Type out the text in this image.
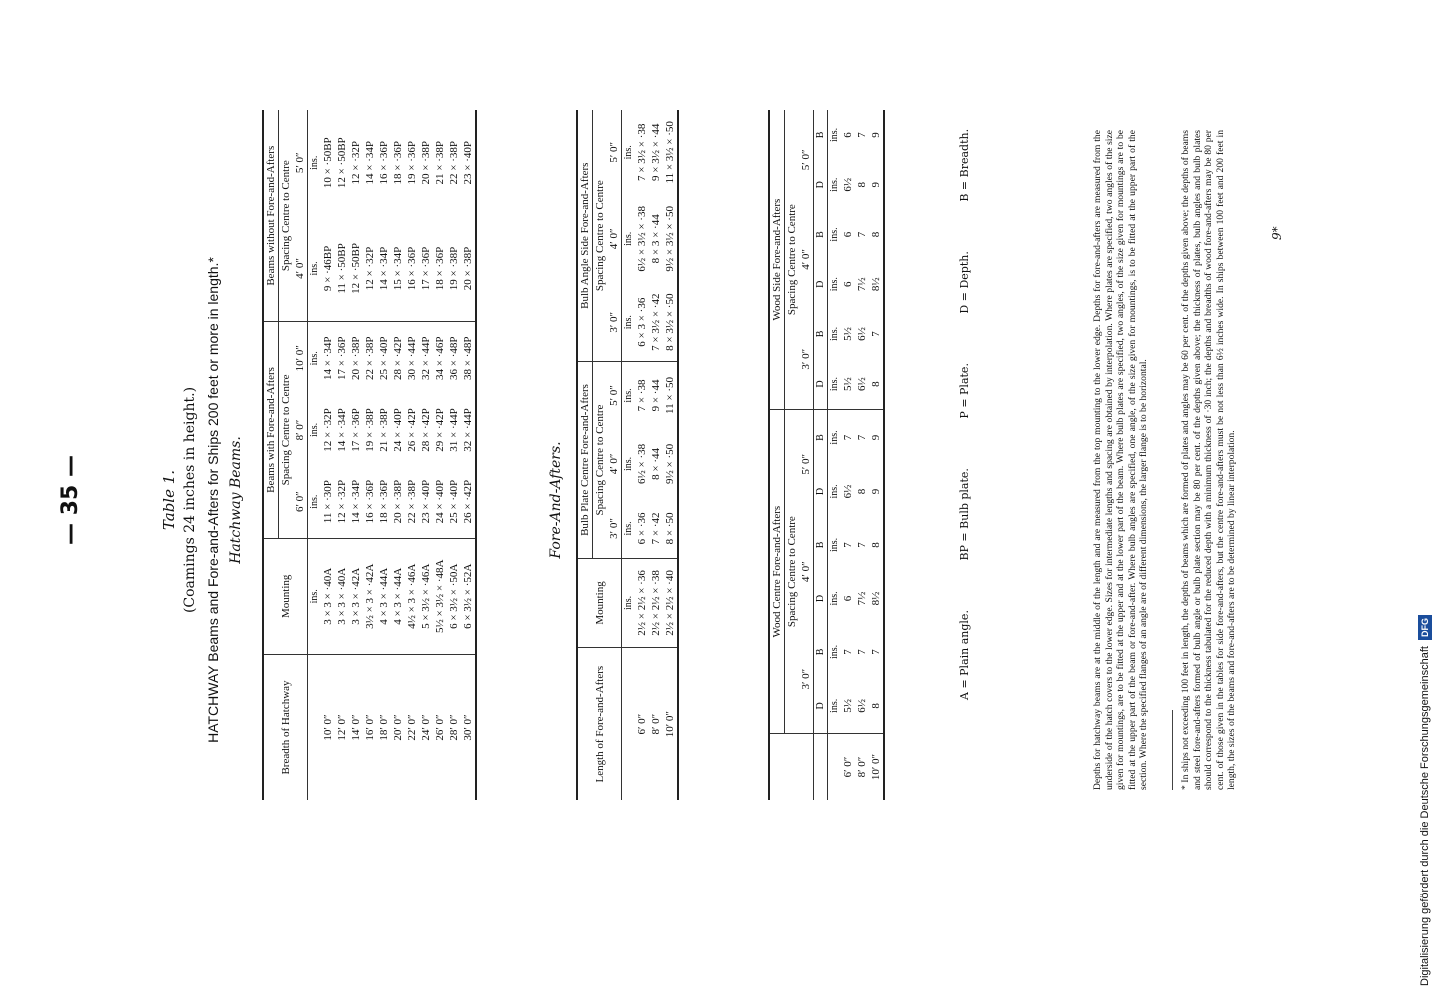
— 35 —	Table 1. (Coamings 24 inches in height.) HATCHWAY Beams and Fore-and-Afters for Ships 200 feet or more in length.* Hatchway Beams.
Breadth of Hatchway	Mounting	Beams with Fore-and-Afters			Beams without Fore-and-Afters	
		Spacing Centre to Centre			Spacing Centre to Centre	
		6′ 0″	8′ 0″	10′ 0″	4′ 0″	5′ 0″
	ins.	ins.	ins.	ins.	ins.	ins.
10′ 0″	3 × 3 × ·40A	11 × ·30P	12 × ·32P	14 × ·34P	9 × ·46BP	10 × ·50BP
12′ 0″	3 × 3 × ·40A	12 × ·32P	14 × ·34P	17 × ·36P	11 × ·50BP	12 × ·50BP
14′ 0″	3 × 3 × ·42A	14 × ·34P	17 × ·36P	20 × ·38P	12 × ·50BP	12 × ·32P
16′ 0″	3½ × 3 × ·42A	16 × ·36P	19 × ·38P	22 × ·38P	12 × ·32P	14 × ·34P
18′ 0″	4 × 3 × ·44A	18 × ·36P	21 × ·38P	25 × ·40P	14 × ·34P	16 × ·36P
20′ 0″	4 × 3 × ·44A	20 × ·38P	24 × ·40P	28 × ·42P	15 × ·34P	18 × ·36P
22′ 0″	4½ × 3 × ·46A	22 × ·38P	26 × ·42P	30 × ·44P	16 × ·36P	19 × ·36P
24′ 0″	5 × 3½ × ·46A	23 × ·40P	28 × ·42P	32 × ·44P	17 × ·36P	20 × ·38P
26′ 0″	5½ × 3½ × ·48A	24 × ·40P	29 × ·42P	34 × ·46P	18 × ·36P	21 × ·38P
28′ 0″	6 × 3½ × ·50A	25 × ·40P	31 × ·44P	36 × ·48P	19 × ·38P	22 × ·38P
30′ 0″	6 × 3½ × ·52A	26 × ·42P	32 × ·44P	38 × ·48P	20 × ·38P	23 × ·40P
Fore-And-Afters.
Length of Fore-and-Afters	Mounting	Bulb Plate Centre Fore-and-Afters			Bulb Angle Side Fore-and-Afters		
		Spacing Centre to Centre			Spacing Centre to Centre		
		3′ 0″	4′ 0″	5′ 0″	3′ 0″	4′ 0″	5′ 0″
	ins.	ins.	ins.	ins.	ins.	ins.	ins.
6′ 0″	2½ × 2½ × ·36	6 × ·36	6½ × ·38	7 × ·38	6 × 3 × ·36	6½ × 3½ × ·38	7 × 3½ × ·38
8′ 0″	2½ × 2½ × ·38	7 × ·42	8 × ·44	9 × ·44	7 × 3½ × ·42	8 × 3 × ·44	9 × 3½ × ·44
10′ 0″	2½ × 2½ × ·40	8 × ·50	9½ × ·50	11 × ·50	8 × 3½ × ·50	9½ × 3½ × ·50	11 × 3½ × ·50
	Wood Centre Fore-and-Afters						Wood Side Fore-and-Afters					
	Spacing Centre to Centre						Spacing Centre to Centre					
	3′ 0″		4′ 0″		5′ 0″		3′ 0″		4′ 0″		5′ 0″	
	D	B	D	B	D	B	D	B	D	B	D	B
	ins.	ins.	ins.	ins.	ins.	ins.	ins.	ins.	ins.	ins.	ins.	ins.
6′ 0″	5½	7	6	7	6½	7	5½	5½	6	6	6½	6
8′ 0″	6½	7	7½	7	8	7	6½	6½	7½	7	8	7
10′ 0″	8	7	8½	8	9	9	8	7	8½	8	9	9
A = Plain angle. BP = Bulb plate. P = Plate. D = Depth. B = Breadth.	Depths for hatchway beams are at the middle of the length and are measured from the top mounting to the lower edge. Depths for fore-and-afters are measured from the underside of the hatch covers to the lower edge. Sizes for intermediate lengths and spacing are obtained by interpolation. Where plates are specified, two angles of the size given for mountings, are to be fitted at the upper and at the lower part of the beam. Where bulb plates are specified, two angles, of the size given for mountings are to be fitted at the upper part of the beam or fore-and-after. Where bulb angles are specified, one angle, of the size given for mountings, is to be fitted at the upper part of the section. Where the specified flanges of an angle are of different dimensions, the larger flange is to be horizontal.	* In ships not exceeding 100 feet in length, the depths of beams which are formed of plates and angles may be 60 per cent. of the depths given above; the depths of beams and steel fore-and-afters formed of bulb angle or bulb plate section may be 80 per cent. of the depths given above; the thickness of plates, bulb angles and bulb plates should correspond to the thickness tabulated for the reduced depth with a minimum thickness of ·30 inch; the depths and breadths of wood fore-and-afters may be 80 per cent. of those given in the tables for side fore-and-afters, but the centre fore-and-afters must be not less than 6½ inches wide. In ships between 100 feet and 200 feet in length, the sizes of the beams and fore-and-afters are to be determined by linear interpolation.
9*
Digitalisierung gefördert durch die Deutsche ForschungsgemeinschaftDFG
